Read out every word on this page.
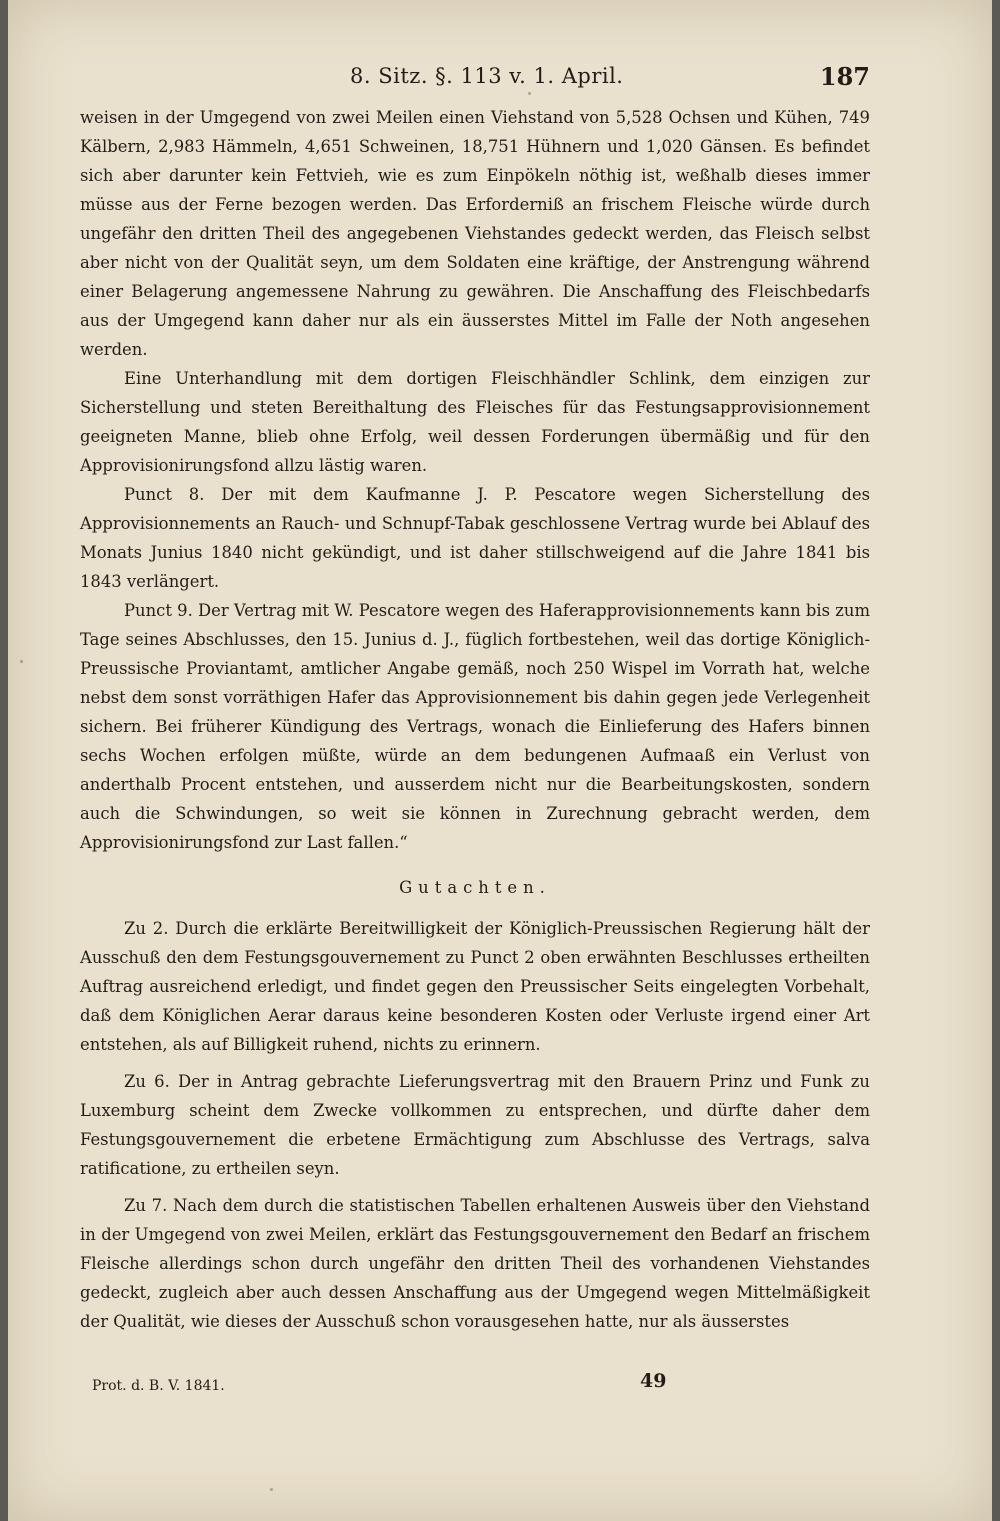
8. Sitz. §. 113 v. 1. April.	187

weisen in der Umgegend von zwei Meilen einen Viehstand von 5,528 Ochsen und Kühen, 749 Kälbern, 2,983 Hämmeln, 4,651 Schweinen, 18,751 Hühnern und 1,020 Gänsen. Es befindet sich aber darunter kein Fettvieh, wie es zum Einpökeln nöthig ist, weßhalb dieses immer müsse aus der Ferne bezogen werden. Das Erforderniß an frischem Fleische würde durch ungefähr den dritten Theil des angegebenen Viehstandes gedeckt werden, das Fleisch selbst aber nicht von der Qualität seyn, um dem Soldaten eine kräftige, der Anstrengung während einer Belagerung angemessene Nahrung zu gewähren. Die Anschaffung des Fleischbedarfs aus der Umgegend kann daher nur als ein äusserstes Mittel im Falle der Noth angesehen werden.

Eine Unterhandlung mit dem dortigen Fleischhändler Schlink, dem einzigen zur Sicherstellung und steten Bereithaltung des Fleisches für das Festungsapprovisionnement geeigneten Manne, blieb ohne Erfolg, weil dessen Forderungen übermäßig und für den Approvisionirungsfond allzu lästig waren.

Punct 8. Der mit dem Kaufmanne J. P. Pescatore wegen Sicherstellung des Approvisionnements an Rauch- und Schnupf-Tabak geschlossene Vertrag wurde bei Ablauf des Monats Junius 1840 nicht gekündigt, und ist daher stillschweigend auf die Jahre 1841 bis 1843 verlängert.

Punct 9. Der Vertrag mit W. Pescatore wegen des Haferapprovisionnements kann bis zum Tage seines Abschlusses, den 15. Junius d. J., füglich fortbestehen, weil das dortige Königlich-Preussische Proviantamt, amtlicher Angabe gemäß, noch 250 Wispel im Vorrath hat, welche nebst dem sonst vorräthigen Hafer das Approvisionnement bis dahin gegen jede Verlegenheit sichern. Bei früherer Kündigung des Vertrags, wonach die Einlieferung des Hafers binnen sechs Wochen erfolgen müßte, würde an dem bedungenen Aufmaaß ein Verlust von anderthalb Procent entstehen, und ausserdem nicht nur die Bearbeitungskosten, sondern auch die Schwindungen, so weit sie können in Zurechnung gebracht werden, dem Approvisionirungsfond zur Last fallen.“

Gutachten.

Zu 2. Durch die erklärte Bereitwilligkeit der Königlich-Preussischen Regierung hält der Ausschuß den dem Festungsgouvernement zu Punct 2 oben erwähnten Beschlusses ertheilten Auftrag ausreichend erledigt, und findet gegen den Preussischer Seits eingelegten Vorbehalt, daß dem Königlichen Aerar daraus keine besonderen Kosten oder Verluste irgend einer Art entstehen, als auf Billigkeit ruhend, nichts zu erinnern.

Zu 6. Der in Antrag gebrachte Lieferungsvertrag mit den Brauern Prinz und Funk zu Luxemburg scheint dem Zwecke vollkommen zu entsprechen, und dürfte daher dem Festungsgouvernement die erbetene Ermächtigung zum Abschlusse des Vertrags, salva ratificatione, zu ertheilen seyn.

Zu 7. Nach dem durch die statistischen Tabellen erhaltenen Ausweis über den Viehstand in der Umgegend von zwei Meilen, erklärt das Festungsgouvernement den Bedarf an frischem Fleische allerdings schon durch ungefähr den dritten Theil des vorhandenen Viehstandes gedeckt, zugleich aber auch dessen Anschaffung aus der Umgegend wegen Mittelmäßigkeit der Qualität, wie dieses der Ausschuß schon vorausgesehen hatte, nur als äusserstes

Prot. d. B. V. 1841.	49
